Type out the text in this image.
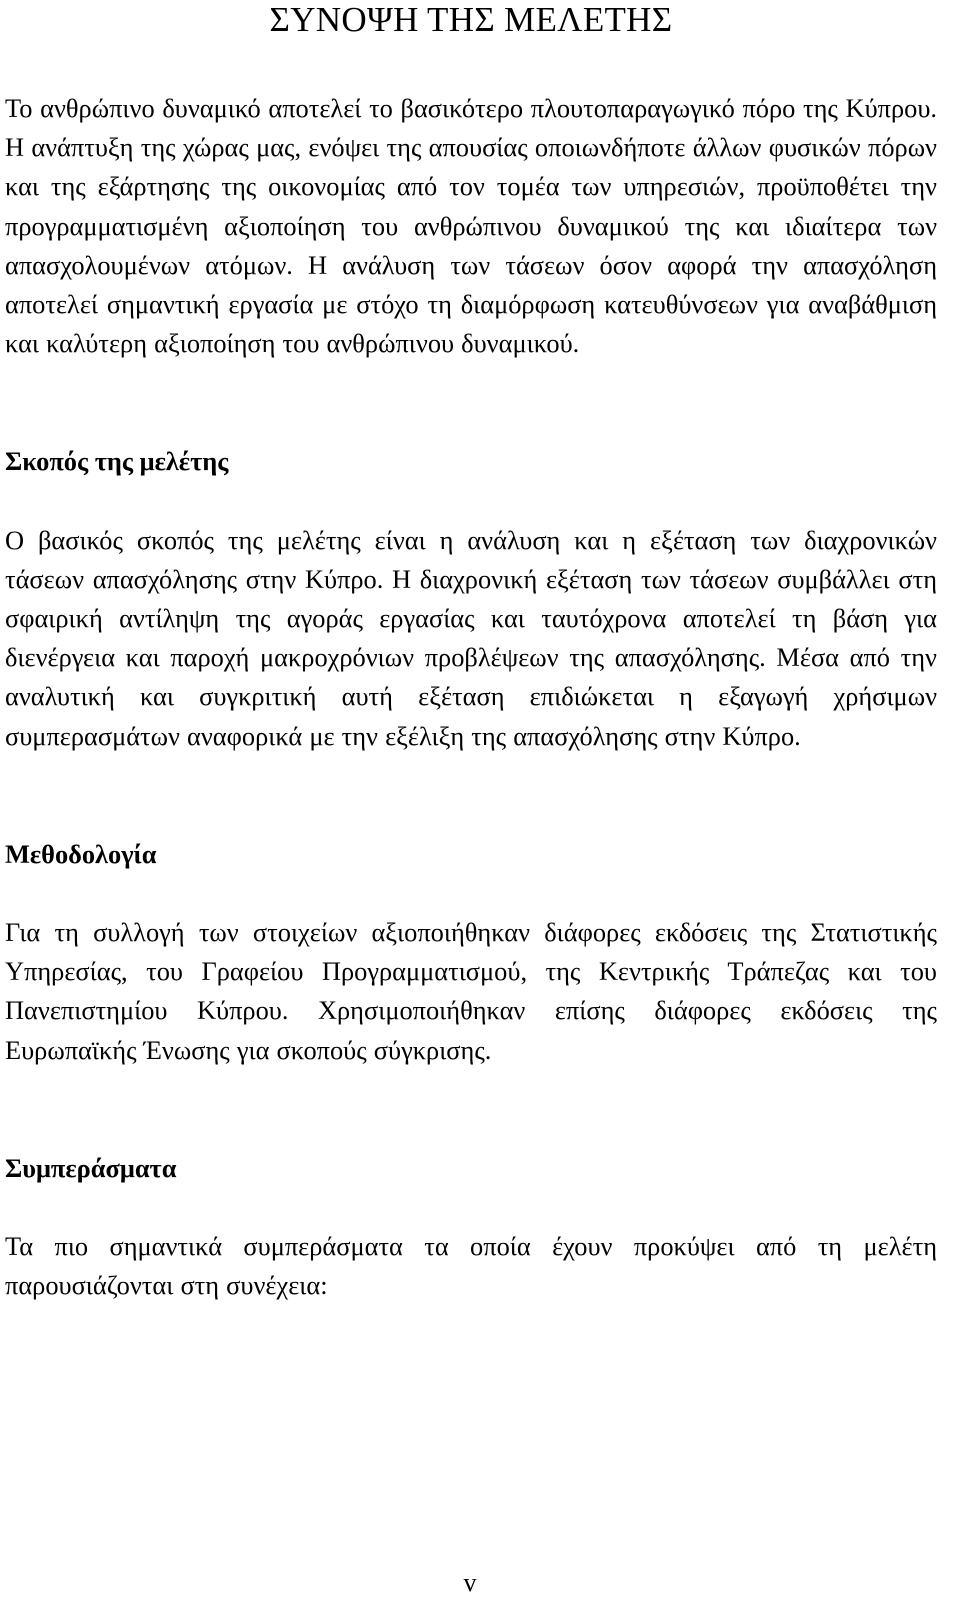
ΣΥΝΟΨΗ ΤΗΣ ΜΕΛΕΤΗΣ

Το ανθρώπινο δυναμικό αποτελεί το βασικότερο πλουτοπαραγωγικό πόρο της Κύπρου. Η ανάπτυξη της χώρας μας, ενόψει της απουσίας οποιωνδήποτε άλλων φυσικών πόρων και της εξάρτησης της οικονομίας από τον τομέα των υπηρεσιών, προϋποθέτει την προγραμματισμένη αξιοποίηση του ανθρώπινου δυναμικού της και ιδιαίτερα των απασχολουμένων ατόμων. Η ανάλυση των τάσεων όσον αφορά την απασχόληση αποτελεί σημαντική εργασία με στόχο τη διαμόρφωση κατευθύνσεων για αναβάθμιση και καλύτερη αξιοποίηση του ανθρώπινου δυναμικού.

Σκοπός της μελέτης

Ο βασικός σκοπός της μελέτης είναι η ανάλυση και η εξέταση των διαχρονικών τάσεων απασχόλησης στην Κύπρο. Η διαχρονική εξέταση των τάσεων συμβάλλει στη σφαιρική αντίληψη της αγοράς εργασίας και ταυτόχρονα αποτελεί τη βάση για διενέργεια και παροχή μακροχρόνιων προβλέψεων της απασχόλησης. Μέσα από την αναλυτική και συγκριτική αυτή εξέταση επιδιώκεται η εξαγωγή χρήσιμων συμπερασμάτων αναφορικά με την εξέλιξη της απασχόλησης στην Κύπρο.

Μεθοδολογία

Για τη συλλογή των στοιχείων αξιοποιήθηκαν διάφορες εκδόσεις της Στατιστικής Υπηρεσίας, του Γραφείου Προγραμματισμού, της Κεντρικής Τράπεζας και του Πανεπιστημίου Κύπρου. Χρησιμοποιήθηκαν επίσης διάφορες εκδόσεις της Ευρωπαϊκής Ένωσης για σκοπούς σύγκρισης.

Συμπεράσματα

Τα πιο σημαντικά συμπεράσματα τα οποία έχουν προκύψει από τη μελέτη παρουσιάζονται στη συνέχεια:

v
